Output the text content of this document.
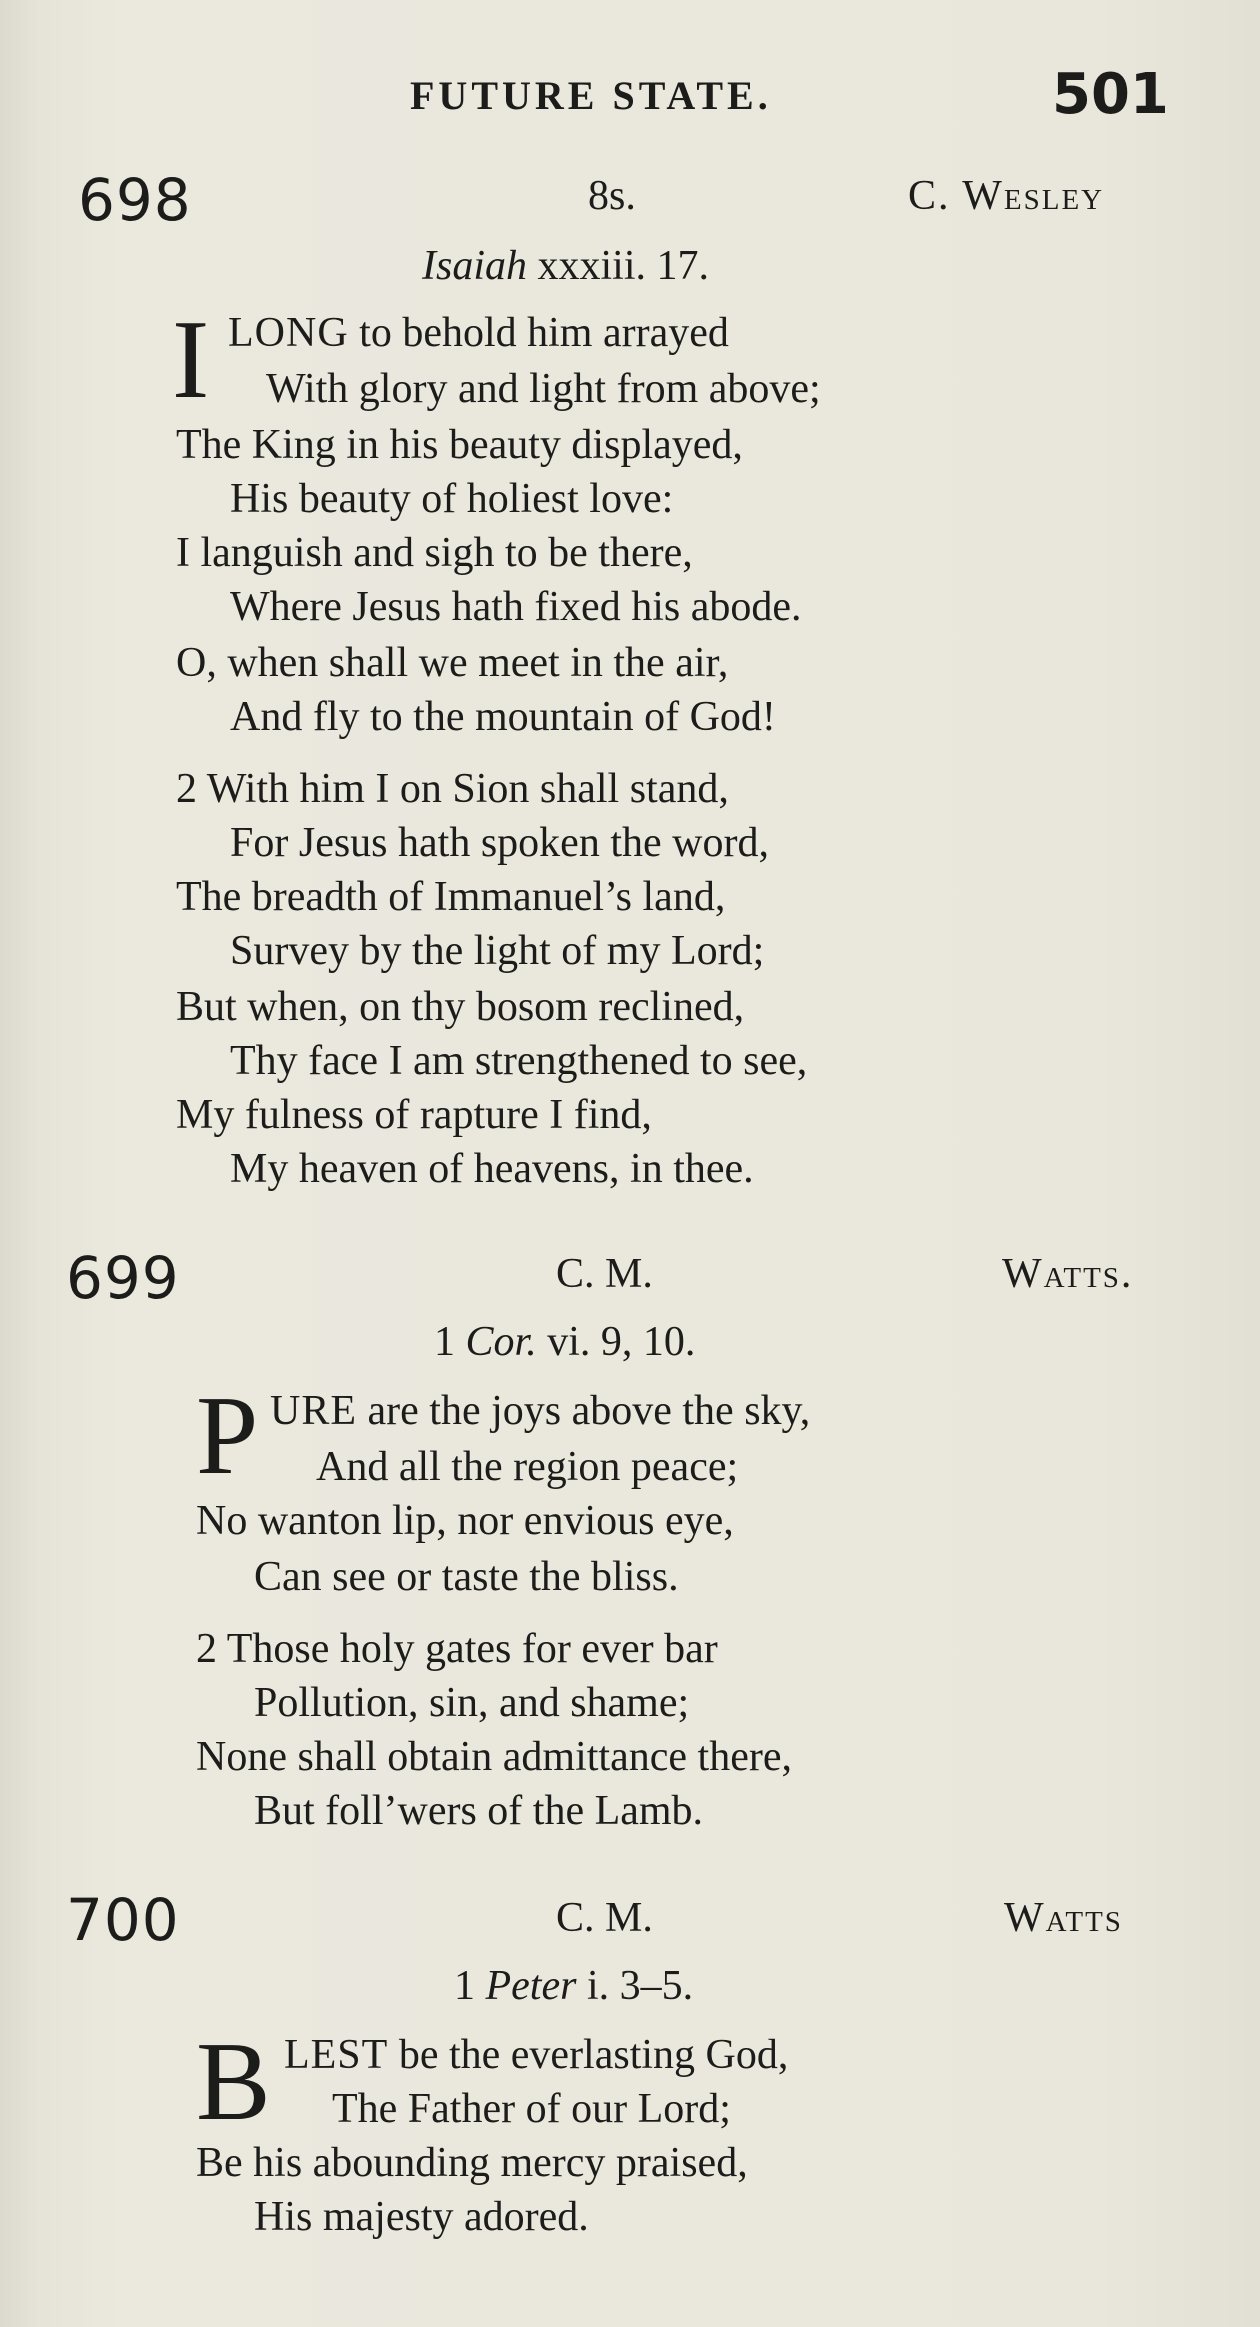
FUTURE STATE.	501
698	8s.	C. Wesley
Isaiah xxxiii. 17.
I LONG to behold him arrayed
With glory and light from above;
The King in his beauty displayed,
His beauty of holiest love:
I languish and sigh to be there,
Where Jesus hath fixed his abode.
O, when shall we meet in the air,
And fly to the mountain of God!
2 With him I on Sion shall stand,
For Jesus hath spoken the word,
The breadth of Immanuel’s land,
Survey by the light of my Lord;
But when, on thy bosom reclined,
Thy face I am strengthened to see,
My fulness of rapture I find,
My heaven of heavens, in thee.
699	C. M.	Watts.
1 Cor. vi. 9, 10.
P URE are the joys above the sky,
And all the region peace;
No wanton lip, nor envious eye,
Can see or taste the bliss.
2 Those holy gates for ever bar
Pollution, sin, and shame;
None shall obtain admittance there,
But foll’wers of the Lamb.
700	C. M.	Watts
1 Peter i. 3–5.
B LEST be the everlasting God,
The Father of our Lord;
Be his abounding mercy praised,
His majesty adored.
